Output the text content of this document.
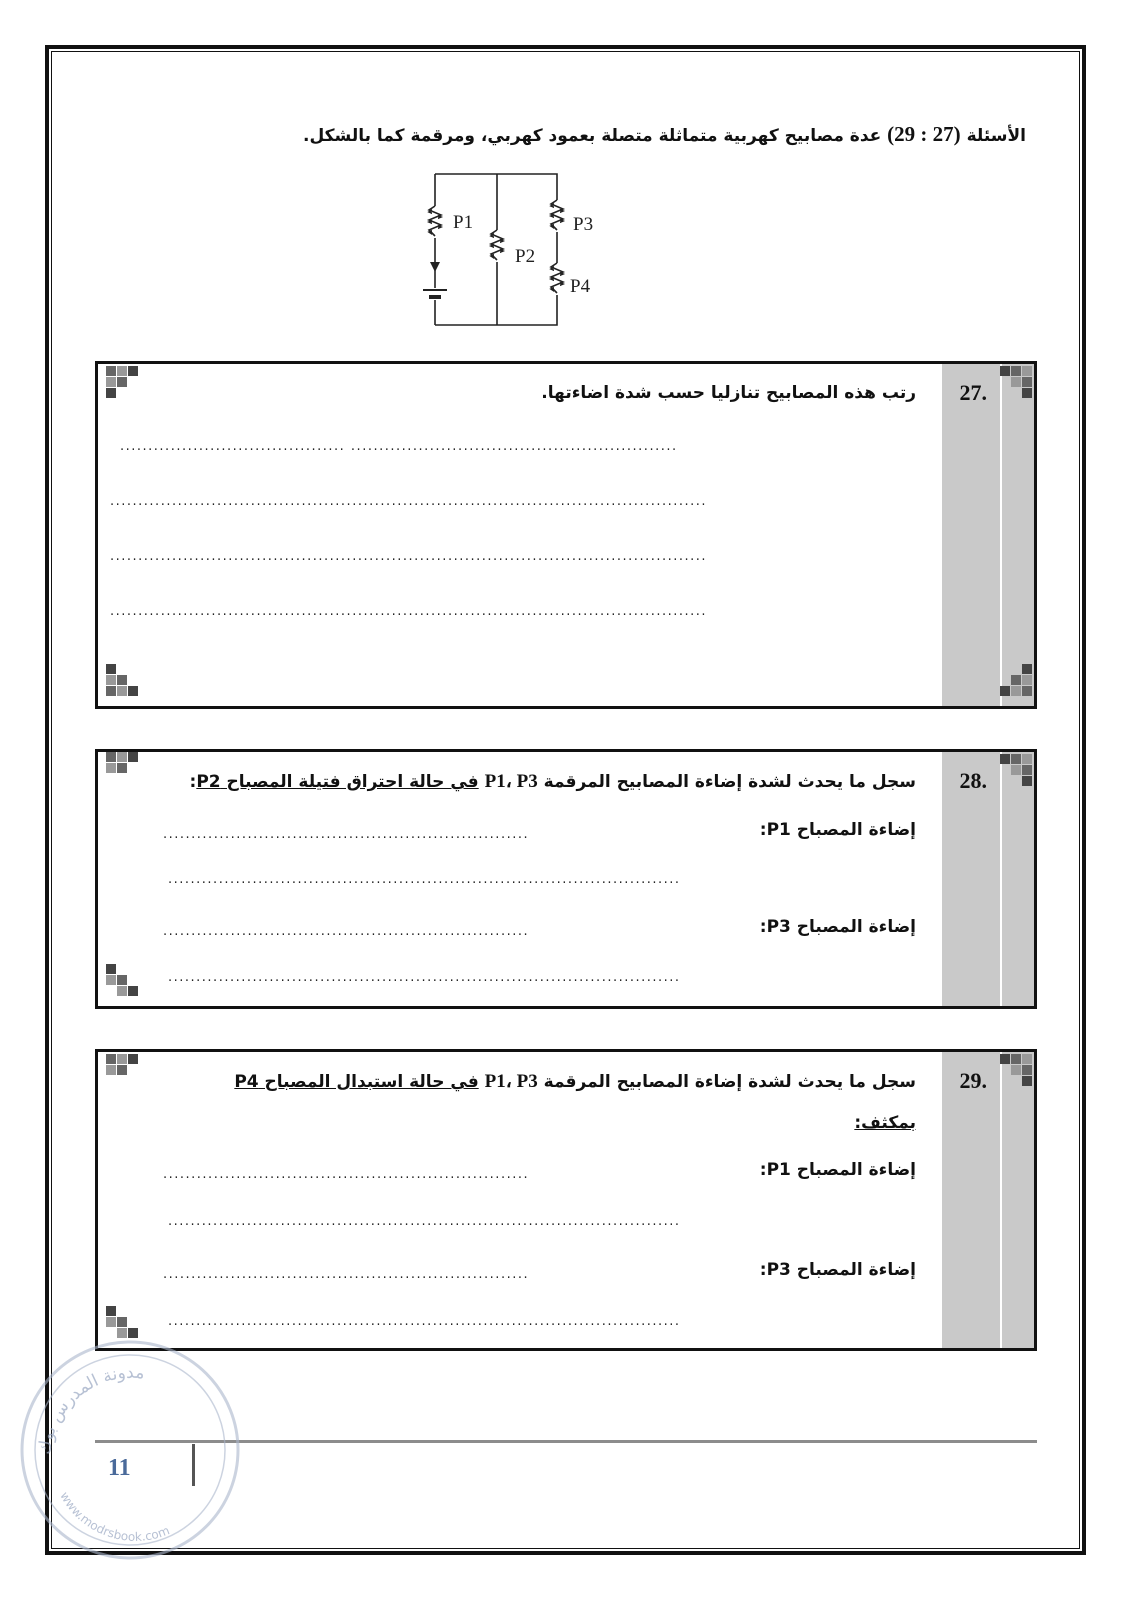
الأسئلة (27 : 29) عدة مصابيح كهربية متماثلة متصلة بعمود كهربي، ومرقمة كما بالشكل.
P1
P2
P3
P4
27.
رتب هذه المصابيح تنازليا حسب شدة اضاءتها.
........................................ ..........................................................
..........................................................................................................
..........................................................................................................
..........................................................................................................
28.
سجل ما يحدث لشدة إضاءة المصابيح المرقمة P1، P3 في حالة احتراق فتيلة المصباح P2:
إضاءة المصباح P1:
.................................................................
...........................................................................................
إضاءة المصباح P3:
.................................................................
...........................................................................................
29.
سجل ما يحدث لشدة إضاءة المصابيح المرقمة P1، P3 في حالة استبدال المصباح P4
بمكثف:
إضاءة المصباح P1:
.................................................................
...........................................................................................
إضاءة المصباح P3:
.................................................................
...........................................................................................
11
مدونة المدرس بوك
www.modrsbook.com
